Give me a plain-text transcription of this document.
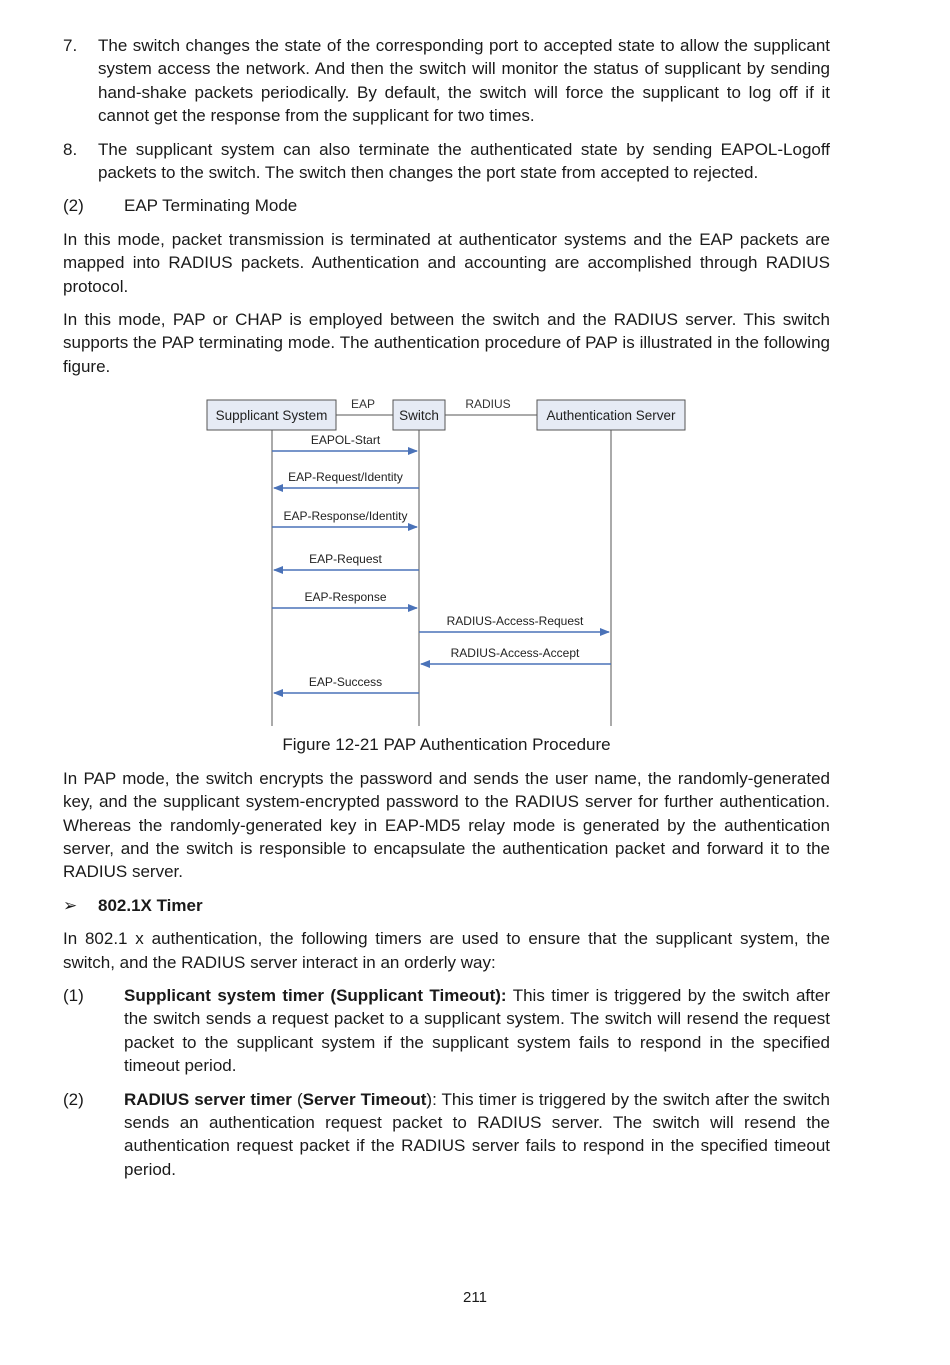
7.	The switch changes the state of the corresponding port to accepted state to allow the supplicant system access the network. And then the switch will monitor the status of supplicant by sending hand-shake packets periodically. By default, the switch will force the supplicant to log off if it cannot get the response from the supplicant for two times.
8.	The supplicant system can also terminate the authenticated state by sending EAPOL-Logoff packets to the switch. The switch then changes the port state from accepted to rejected.
(2)	EAP Terminating Mode

In this mode, packet transmission is terminated at authenticator systems and the EAP packets are mapped into RADIUS packets. Authentication and accounting are accomplished through RADIUS protocol.

In this mode, PAP or CHAP is employed between the switch and the RADIUS server. This switch supports the PAP terminating mode. The authentication procedure of PAP is illustrated in the following figure.

Supplicant System	Switch	Authentication Server
EAP	RADIUS
EAPOL-Start
EAP-Request/Identity
EAP-Response/Identity
EAP-Request
EAP-Response
RADIUS-Access-Request
RADIUS-Access-Accept
EAP-Success

Figure 12-21 PAP Authentication Procedure

In PAP mode, the switch encrypts the password and sends the user name, the randomly-generated key, and the supplicant system-encrypted password to the RADIUS server for further authentication. Whereas the randomly-generated key in EAP-MD5 relay mode is generated by the authentication server, and the switch is responsible to encapsulate the authentication packet and forward it to the RADIUS server.

➢	802.1X Timer

In 802.1 x authentication, the following timers are used to ensure that the supplicant system, the switch, and the RADIUS server interact in an orderly way:

(1)	Supplicant system timer (Supplicant Timeout): This timer is triggered by the switch after the switch sends a request packet to a supplicant system. The switch will resend the request packet to the supplicant system if the supplicant system fails to respond in the specified timeout period.
(2)	RADIUS server timer (Server Timeout): This timer is triggered by the switch after the switch sends an authentication request packet to RADIUS server. The switch will resend the authentication request packet if the RADIUS server fails to respond in the specified timeout period.
211
